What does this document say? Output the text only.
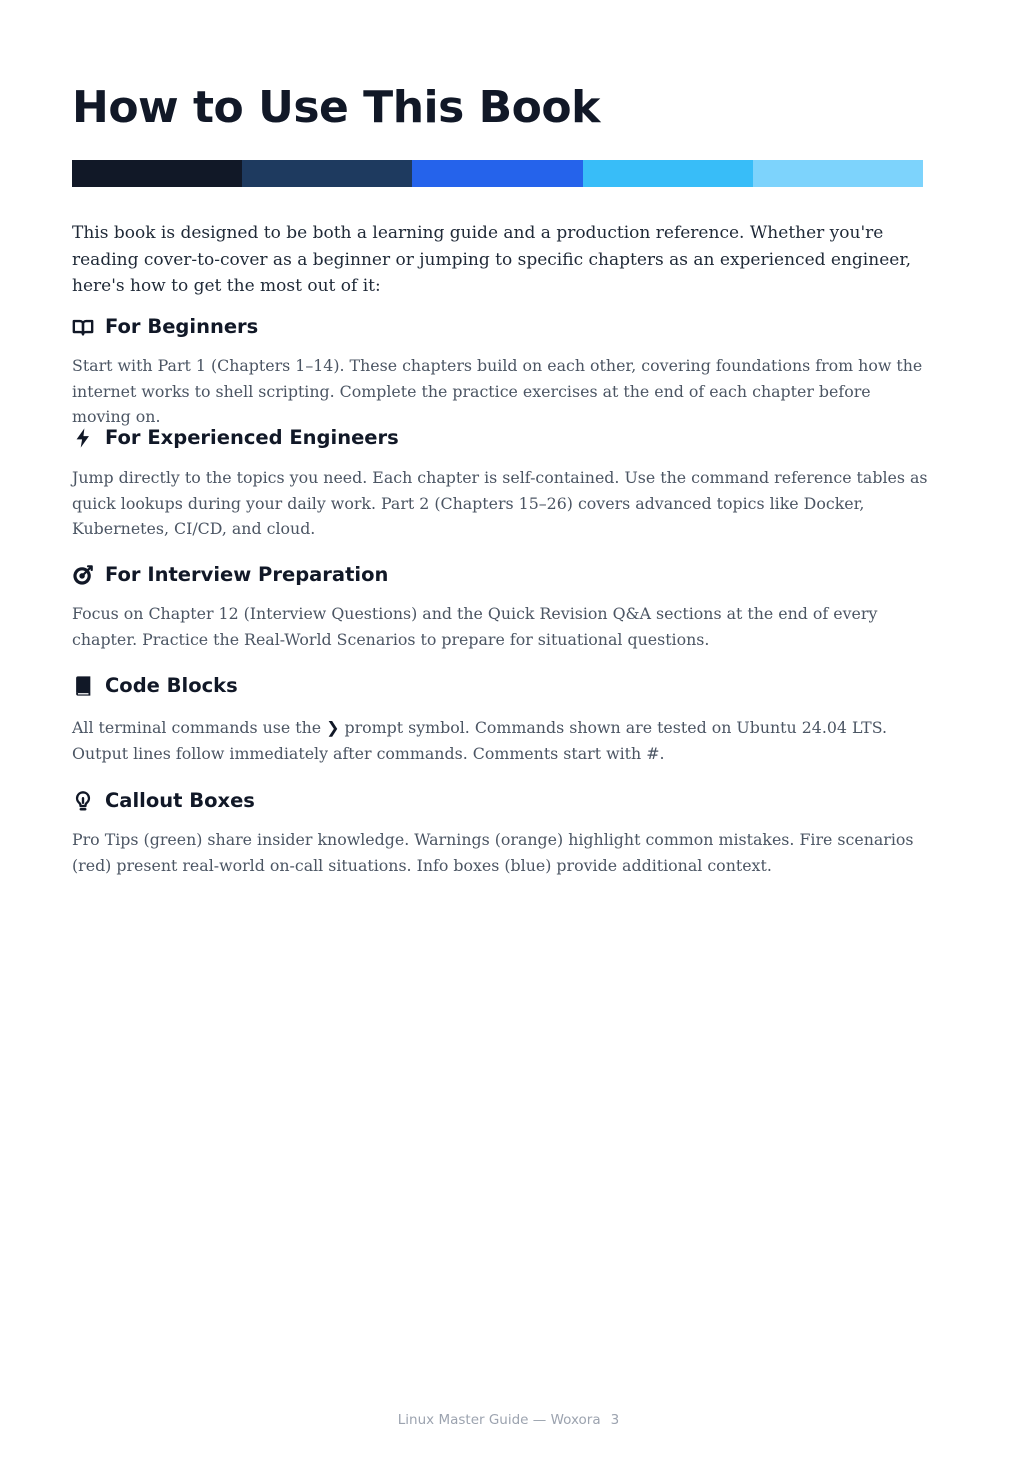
How to Use This Book

This book is designed to be both a learning guide and a production reference. Whether you're reading cover-to-cover as a beginner or jumping to specific chapters as an experienced engineer, here's how to get the most out of it:

For Beginners

Start with Part 1 (Chapters 1–14). These chapters build on each other, covering foundations from how the internet works to shell scripting. Complete the practice exercises at the end of each chapter before moving on.

For Experienced Engineers

Jump directly to the topics you need. Each chapter is self-contained. Use the command reference tables as quick lookups during your daily work. Part 2 (Chapters 15–26) covers advanced topics like Docker, Kubernetes, CI/CD, and cloud.

For Interview Preparation

Focus on Chapter 12 (Interview Questions) and the Quick Revision Q&A sections at the end of every chapter. Practice the Real-World Scenarios to prepare for situational questions.

Code Blocks

All terminal commands use the ❯ prompt symbol. Commands shown are tested on Ubuntu 24.04 LTS. Output lines follow immediately after commands. Comments start with #.

Callout Boxes

Pro Tips (green) share insider knowledge. Warnings (orange) highlight common mistakes. Fire scenarios (red) present real-world on-call situations. Info boxes (blue) provide additional context.

Linux Master Guide — Woxora 3
